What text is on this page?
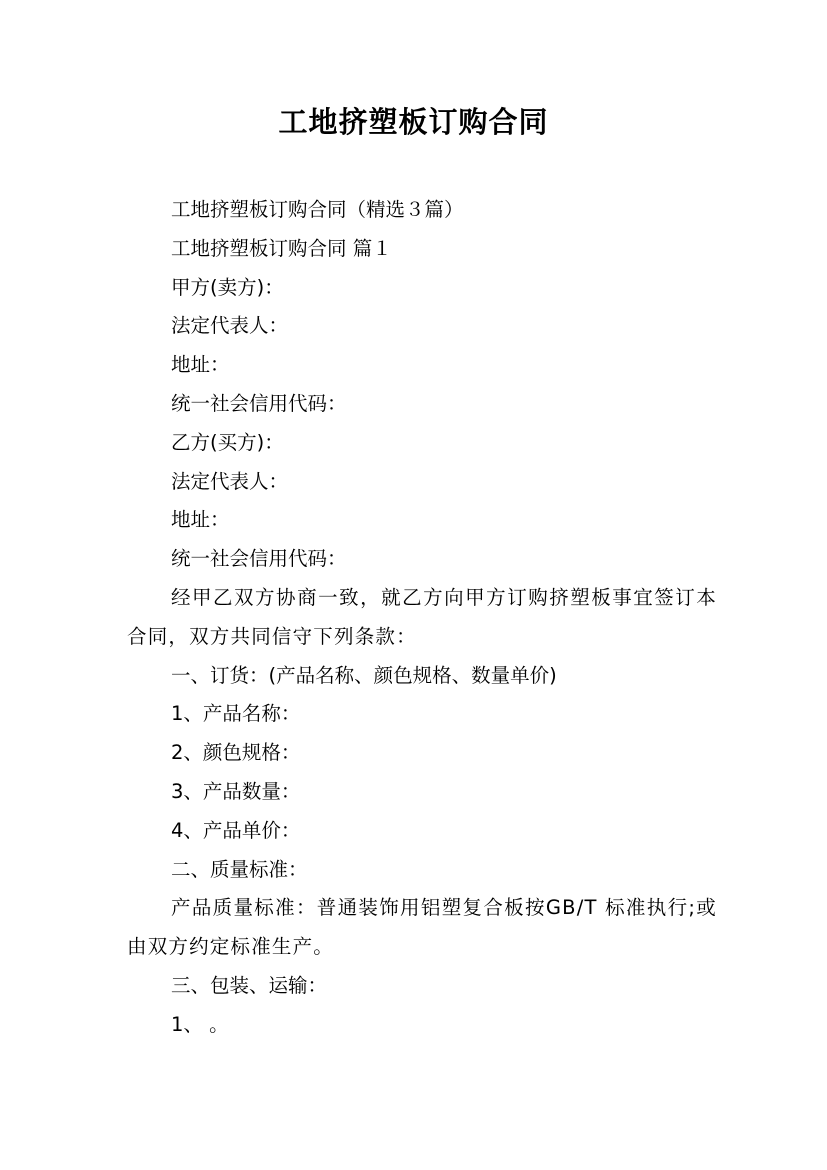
工地挤塑板订购合同

工地挤塑板订购合同（精选３篇）

工地挤塑板订购合同 篇１

甲方(卖方)：

法定代表人：

地址：

统一社会信用代码：

乙方(买方)：

法定代表人：

地址：

统一社会信用代码：

经甲乙双方协商一致，就乙方向甲方订购挤塑板事宜签订本合同，双方共同信守下列条款：

一、订货：(产品名称、颜色规格、数量单价)

1、产品名称：

2、颜色规格：

3、产品数量：

4、产品单价：

二、质量标准：

产品质量标准：普通装饰用铝塑复合板按GB/T 标准执行;或由双方约定标准生产。

三、包装、运输：

1、 。
